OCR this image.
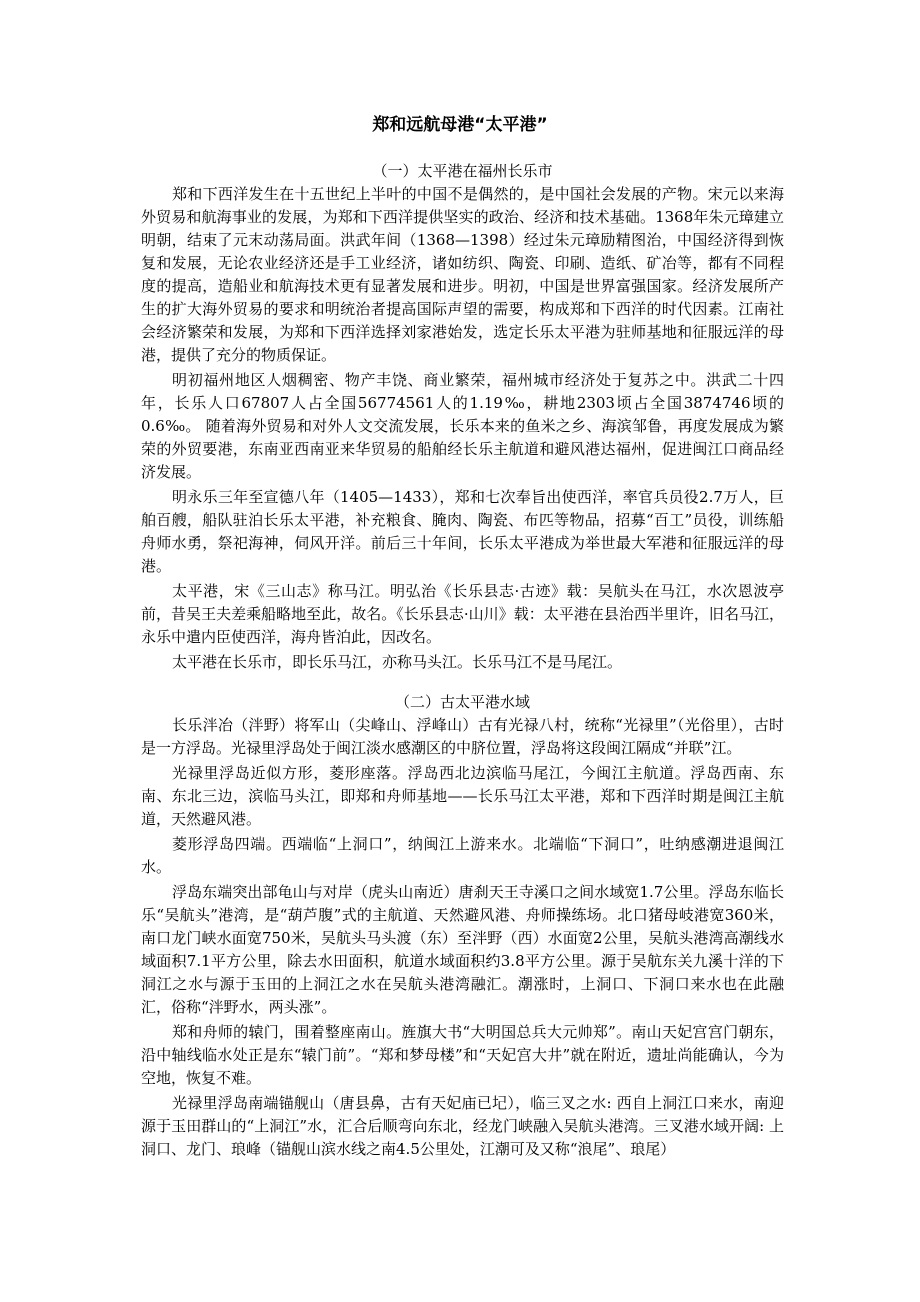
郑和远航母港“太平港”
（一）太平港在福州长乐市

郑和下西洋发生在十五世纪上半叶的中国不是偶然的，是中国社会发展的产物。宋元以来海外贸易和航海事业的发展，为郑和下西洋提供坚实的政治、经济和技术基础。1368年朱元璋建立明朝，结束了元末动荡局面。洪武年间（1368—1398）经过朱元璋励精图治，中国经济得到恢复和发展，无论农业经济还是手工业经济，诸如纺织、陶瓷、印刷、造纸、矿冶等，都有不同程度的提高，造船业和航海技术更有显著发展和进步。明初，中国是世界富强国家。经济发展所产生的扩大海外贸易的要求和明统治者提高国际声望的需要，构成郑和下西洋的时代因素。江南社会经济繁荣和发展，为郑和下西洋选择刘家港始发，选定长乐太平港为驻师基地和征服远洋的母港，提供了充分的物质保证。

明初福州地区人烟稠密、物产丰饶、商业繁荣，福州城市经济处于复苏之中。洪武二十四年，长乐人口67807人占全国56774561人的1.19‰，耕地2303顷占全国3874746顷的0.6‰。 随着海外贸易和对外人文交流发展，长乐本来的鱼米之乡、海滨邹鲁，再度发展成为繁荣的外贸要港，东南亚西南亚来华贸易的船舶经长乐主航道和避风港达福州，促进闽江口商品经济发展。

明永乐三年至宣德八年（1405—1433），郑和七次奉旨出使西洋，率官兵员役2.7万人，巨舶百艘，船队驻泊长乐太平港，补充粮食、腌肉、陶瓷、布匹等物品，招募“百工”员役，训练船舟师水勇，祭祀海神，伺风开洋。前后三十年间，长乐太平港成为举世最大军港和征服远洋的母港。

太平港，宋《三山志》称马江。明弘治《长乐县志·古迹》载：吴航头在马江，水次恩波亭前，昔吴王夫差乘船略地至此，故名。《长乐县志·山川》载：太平港在县治西半里许，旧名马江，永乐中遣内臣使西洋，海舟皆泊此，因改名。

太平港在长乐市，即长乐马江，亦称马头江。长乐马江不是马尾江。

（二）古太平港水域

长乐泮冶（泮野）将军山（尖峰山、浮峰山）古有光禄八村，统称“光禄里”（光俗里），古时是一方浮岛。光禄里浮岛处于闽江淡水感潮区的中脐位置，浮岛将这段闽江隔成“并联”江。

光禄里浮岛近似方形，菱形座落。浮岛西北边滨临马尾江，今闽江主航道。浮岛西南、东南、东北三边，滨临马头江，即郑和舟师基地——长乐马江太平港，郑和下西洋时期是闽江主航道，天然避风港。

菱形浮岛四端。西端临“上洞口”，纳闽江上游来水。北端临“下洞口”，吐纳感潮进退闽江水。

浮岛东端突出部龟山与对岸（虎头山南近）唐刹天王寺溪口之间水域宽1.7公里。浮岛东临长乐“吴航头”港湾，是“葫芦腹”式的主航道、天然避风港、舟师操练场。北口猪母岐港宽360米，南口龙门峡水面宽750米，吴航头马头渡（东）至泮野（西）水面宽2公里，吴航头港湾高潮线水域面积7.1平方公里，除去水田面积，航道水域面积约3.8平方公里。源于吴航东关九溪十洋的下洞江之水与源于玉田的上洞江之水在吴航头港湾融汇。潮涨时，上洞口、下洞口来水也在此融汇，俗称“泮野水，两头涨”。

郑和舟师的辕门，围着整座南山。旌旗大书“大明国总兵大元帅郑”。南山天妃宫宫门朝东，沿中轴线临水处正是东“辕门前”。“郑和梦母楼”和“天妃宫大井”就在附近，遗址尚能确认，今为空地，恢复不难。

光禄里浮岛南端锚舰山（唐县鼻，古有天妃庙已圮），临三叉之水: 西自上洞江口来水，南迎源于玉田群山的“上洞江”水，汇合后顺弯向东北，经龙门峡融入吴航头港湾。三叉港水域开阔: 上洞口、龙门、琅峰（锚舰山滨水线之南4.5公里处，江潮可及又称“浪尾”、琅尾）
